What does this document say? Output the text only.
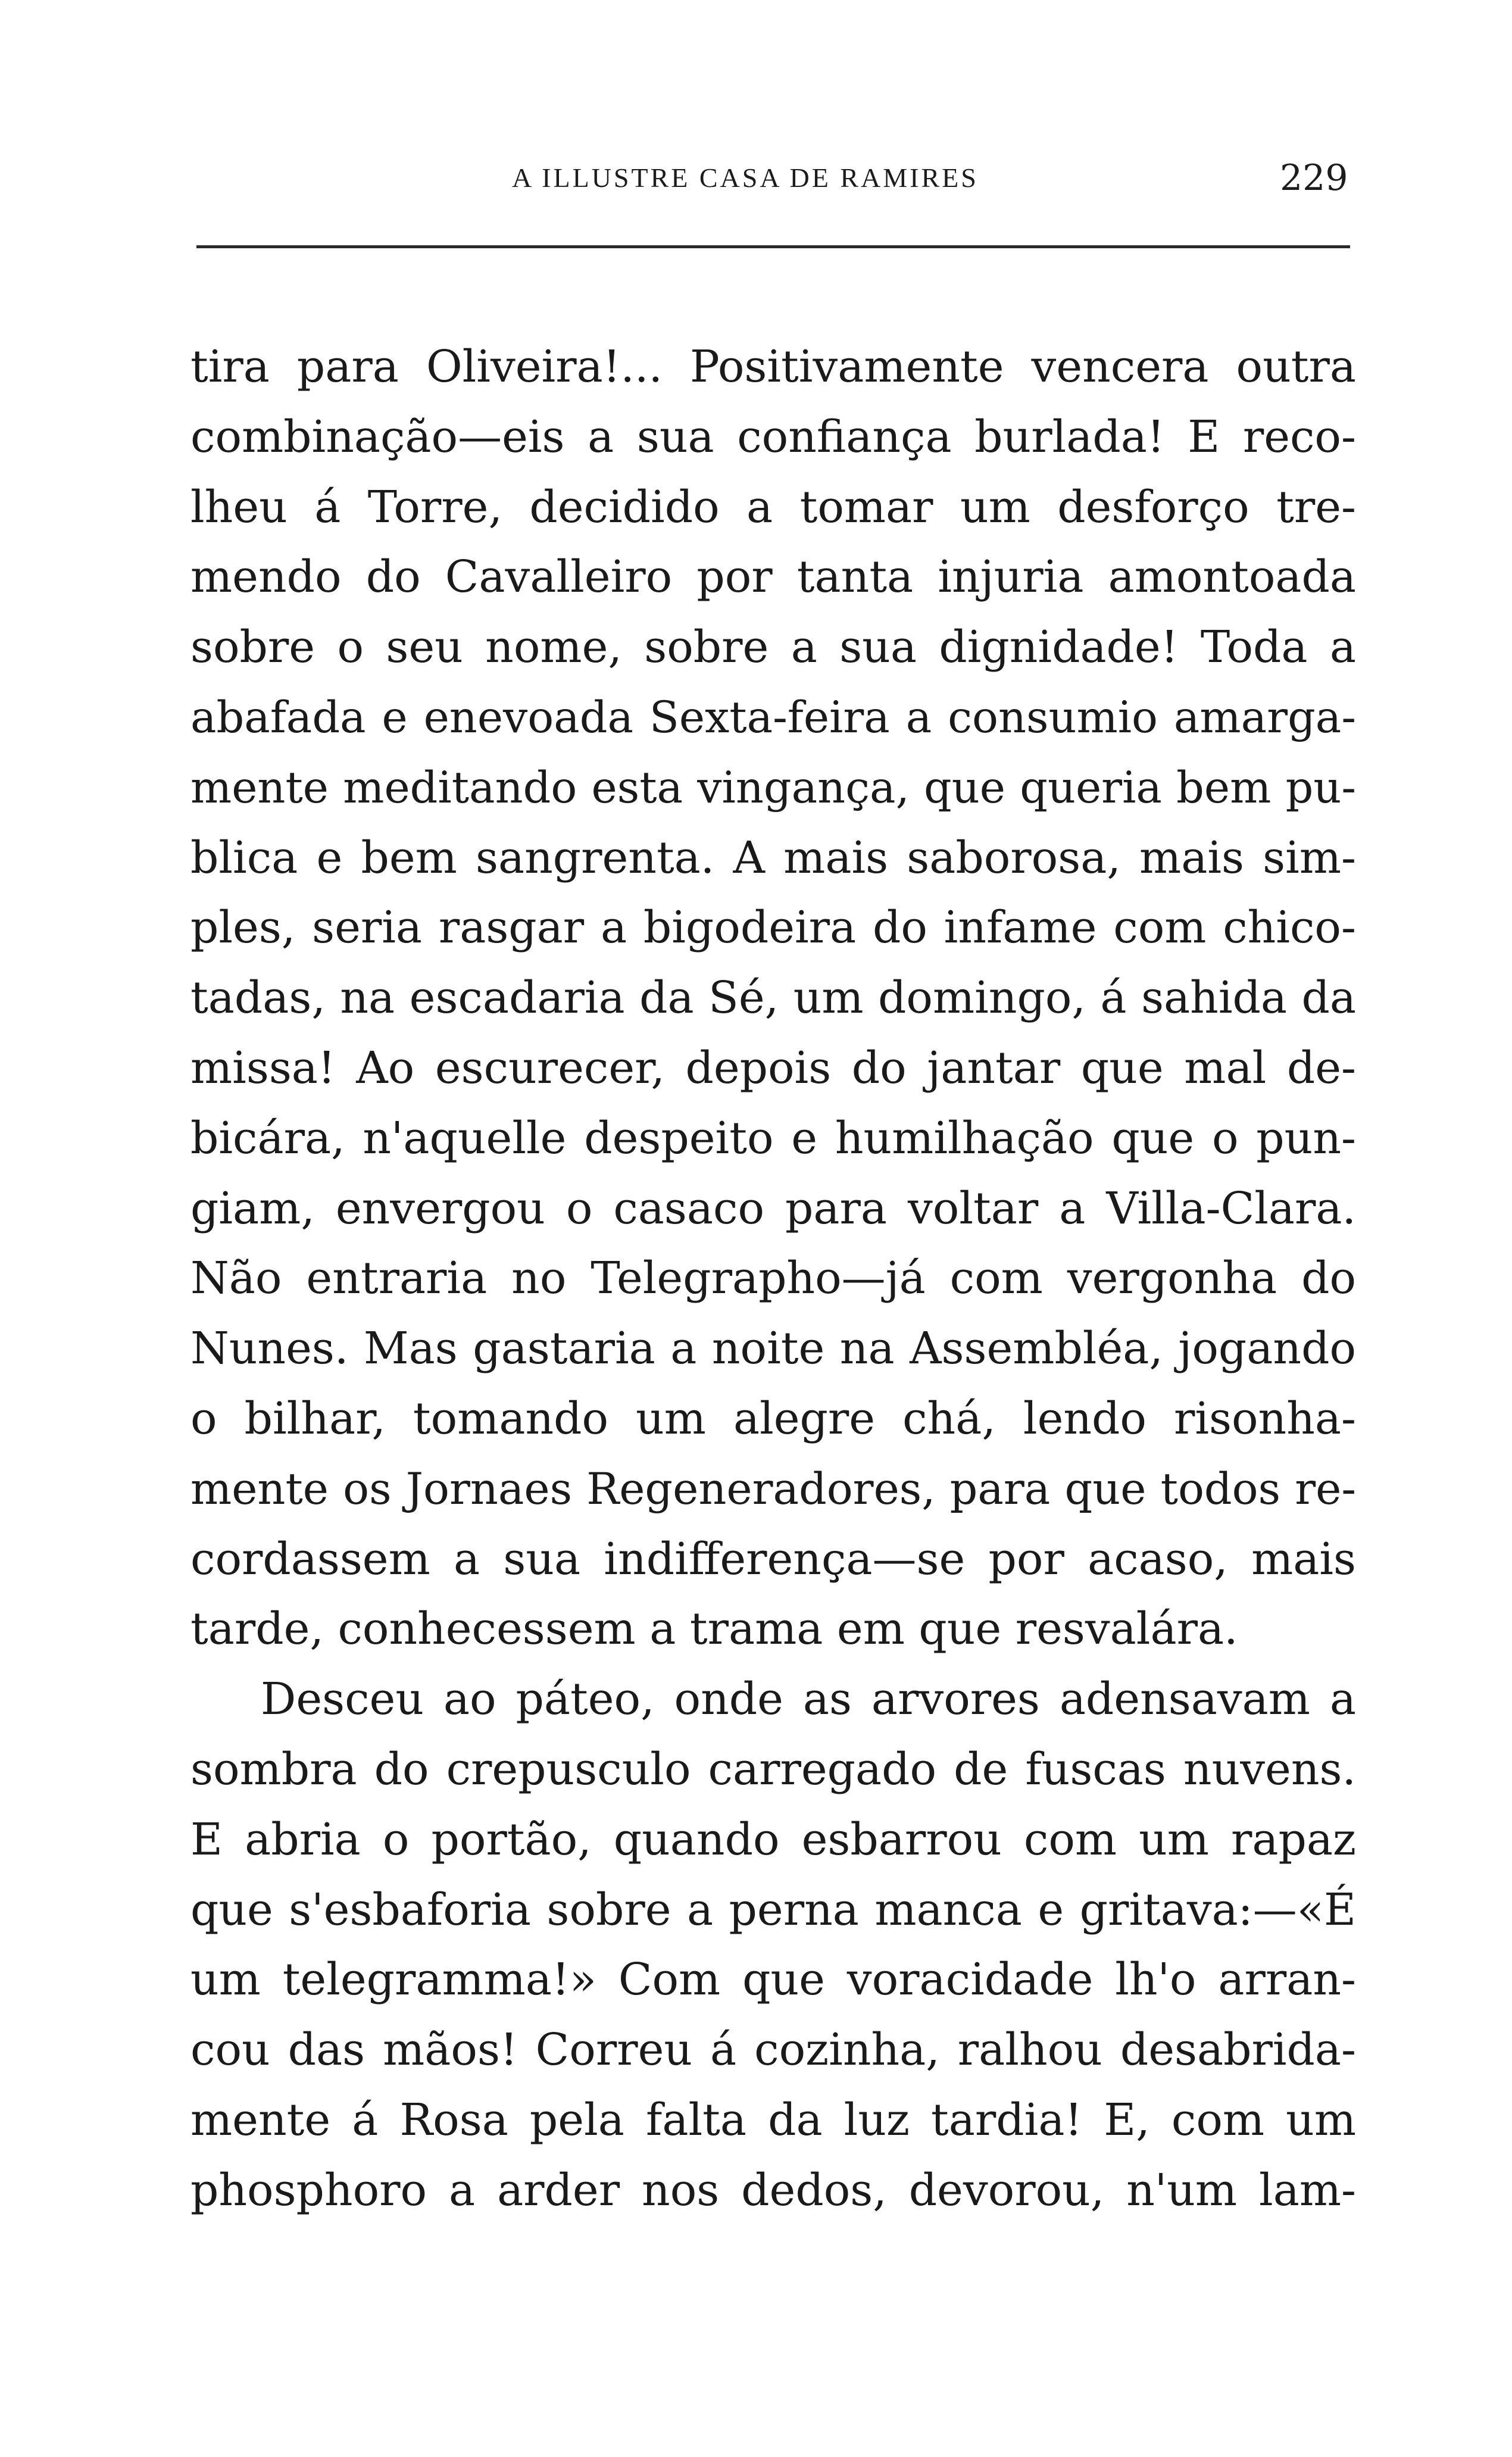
A ILLUSTRE CASA DE RAMIRES	229
tira para Oliveira!... Positivamente vencera outra
combinação—eis a sua confiança burlada! E reco-
lheu á Torre, decidido a tomar um desforço tre-
mendo do Cavalleiro por tanta injuria amontoada
sobre o seu nome, sobre a sua dignidade! Toda a
abafada e enevoada Sexta-feira a consumio amarga-
mente meditando esta vingança, que queria bem pu-
blica e bem sangrenta. A mais saborosa, mais sim-
ples, seria rasgar a bigodeira do infame com chico-
tadas, na escadaria da Sé, um domingo, á sahida da
missa! Ao escurecer, depois do jantar que mal de-
bicára, n'aquelle despeito e humilhação que o pun-
giam, envergou o casaco para voltar a Villa-Clara.
Não entraria no Telegrapho—já com vergonha do
Nunes. Mas gastaria a noite na Assembléa, jogando
o bilhar, tomando um alegre chá, lendo risonha-
mente os Jornaes Regeneradores, para que todos re-
cordassem a sua indifferença—se por acaso, mais
tarde, conhecessem a trama em que resvalára.
Desceu ao páteo, onde as arvores adensavam a
sombra do crepusculo carregado de fuscas nuvens.
E abria o portão, quando esbarrou com um rapaz
que s'esbaforia sobre a perna manca e gritava:—«É
um telegramma!» Com que voracidade lh'o arran-
cou das mãos! Correu á cozinha, ralhou desabrida-
mente á Rosa pela falta da luz tardia! E, com um
phosphoro a arder nos dedos, devorou, n'um lam-
